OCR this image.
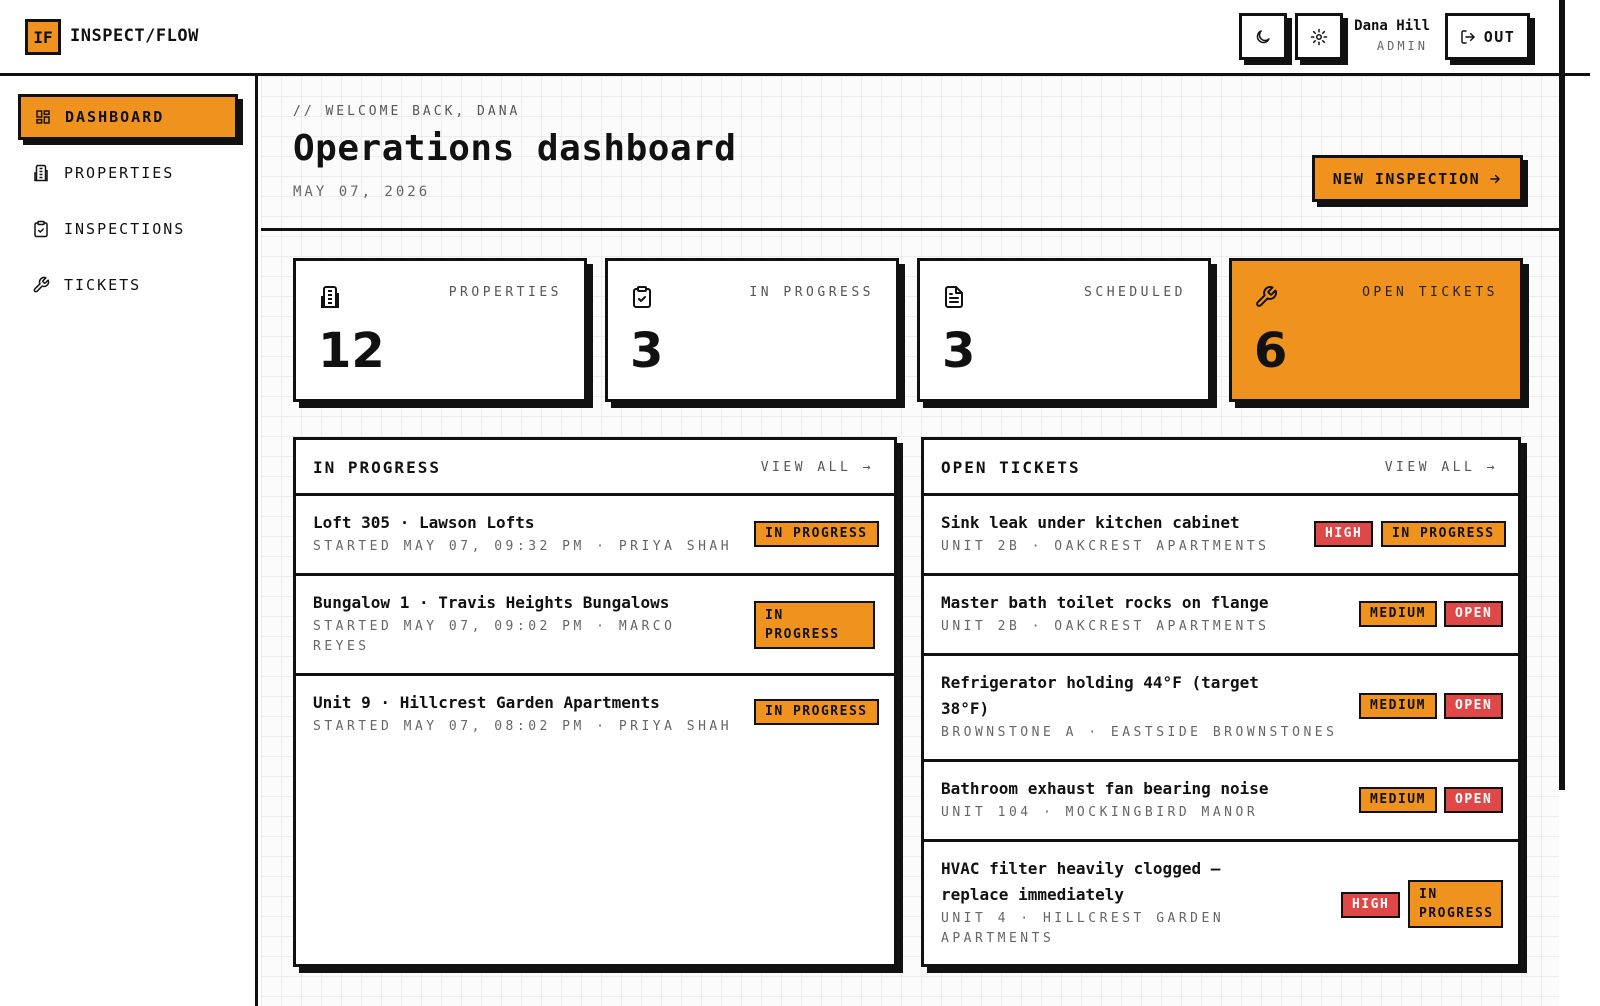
IF	INSPECT/FLOW	Dana Hill
ADMIN
OUT
DASHBOARD
PROPERTIES
INSPECTIONS
TICKETS
// WELCOME BACK, DANA
Operations dashboard
MAY 07, 2026
NEW INSPECTION
PROPERTIES
12
IN PROGRESS
3
SCHEDULED
3
OPEN TICKETS
6
IN PROGRESS	VIEW ALL →
Loft 305 · Lawson Lofts
STARTED MAY 07, 09:32 PM · PRIYA SHAH
IN PROGRESS
Bungalow 1 · Travis Heights Bungalows
STARTED MAY 07, 09:02 PM · MARCO REYES
IN PROGRESS
Unit 9 · Hillcrest Garden Apartments
STARTED MAY 07, 08:02 PM · PRIYA SHAH
IN PROGRESS
OPEN TICKETS	VIEW ALL →
Sink leak under kitchen cabinet
UNIT 2B · OAKCREST APARTMENTS
HIGH	IN PROGRESS
Master bath toilet rocks on flange
UNIT 2B · OAKCREST APARTMENTS
MEDIUM	OPEN
Refrigerator holding 44°F (target 38°F)
BROWNSTONE A · EASTSIDE BROWNSTONES
MEDIUM	OPEN
Bathroom exhaust fan bearing noise
UNIT 104 · MOCKINGBIRD MANOR
MEDIUM	OPEN
HVAC filter heavily clogged — replace immediately
UNIT 4 · HILLCREST GARDEN APARTMENTS
HIGH
IN PROGRESS
